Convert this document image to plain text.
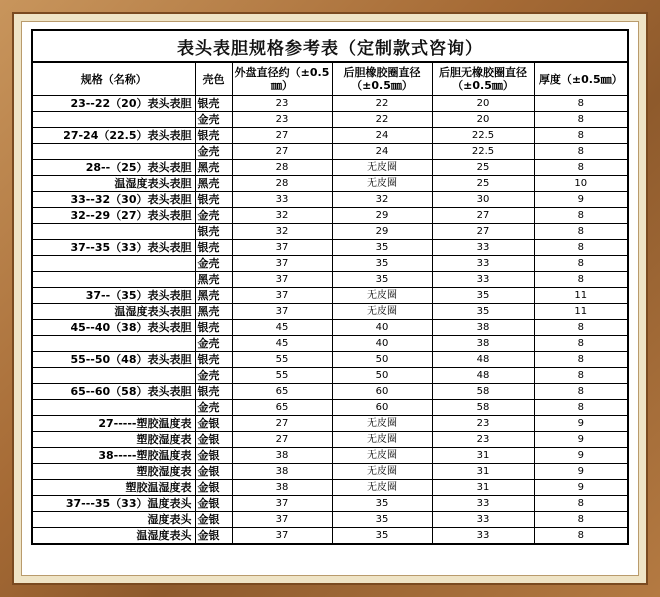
表头表胆规格参考表（定制款式咨询）
规格（名称）	壳色	外盘直径约（±0.5㎜）	后胆橡胶圈直径（±0.5㎜）	后胆无橡胶圈直径（±0.5㎜）	厚度（±0.5㎜）
23--22（20）表头表胆	银壳	23	22	20	8
	金壳	23	22	20	8
27-24（22.5）表头表胆	银壳	27	24	22.5	8
	金壳	27	24	22.5	8
28--（25）表头表胆	黑壳	28	无皮圈	25	8
温湿度表头表胆	黑壳	28	无皮圈	25	10
33--32（30）表头表胆	银壳	33	32	30	9
32--29（27）表头表胆	金壳	32	29	27	8
	银壳	32	29	27	8
37--35（33）表头表胆	银壳	37	35	33	8
	金壳	37	35	33	8
	黑壳	37	35	33	8
37--（35）表头表胆	黑壳	37	无皮圈	35	11
温湿度表头表胆	黑壳	37	无皮圈	35	11
45--40（38）表头表胆	银壳	45	40	38	8
	金壳	45	40	38	8
55--50（48）表头表胆	银壳	55	50	48	8
	金壳	55	50	48	8
65--60（58）表头表胆	银壳	65	60	58	8
	金壳	65	60	58	8
27-----塑胶温度表	金银	27	无皮圈	23	9
塑胶湿度表	金银	27	无皮圈	23	9
38-----塑胶温度表	金银	38	无皮圈	31	9
塑胶湿度表	金银	38	无皮圈	31	9
塑胶温湿度表	金银	38	无皮圈	31	9
37---35（33）温度表头	金银	37	35	33	8
湿度表头	金银	37	35	33	8
温湿度表头	金银	37	35	33	8
